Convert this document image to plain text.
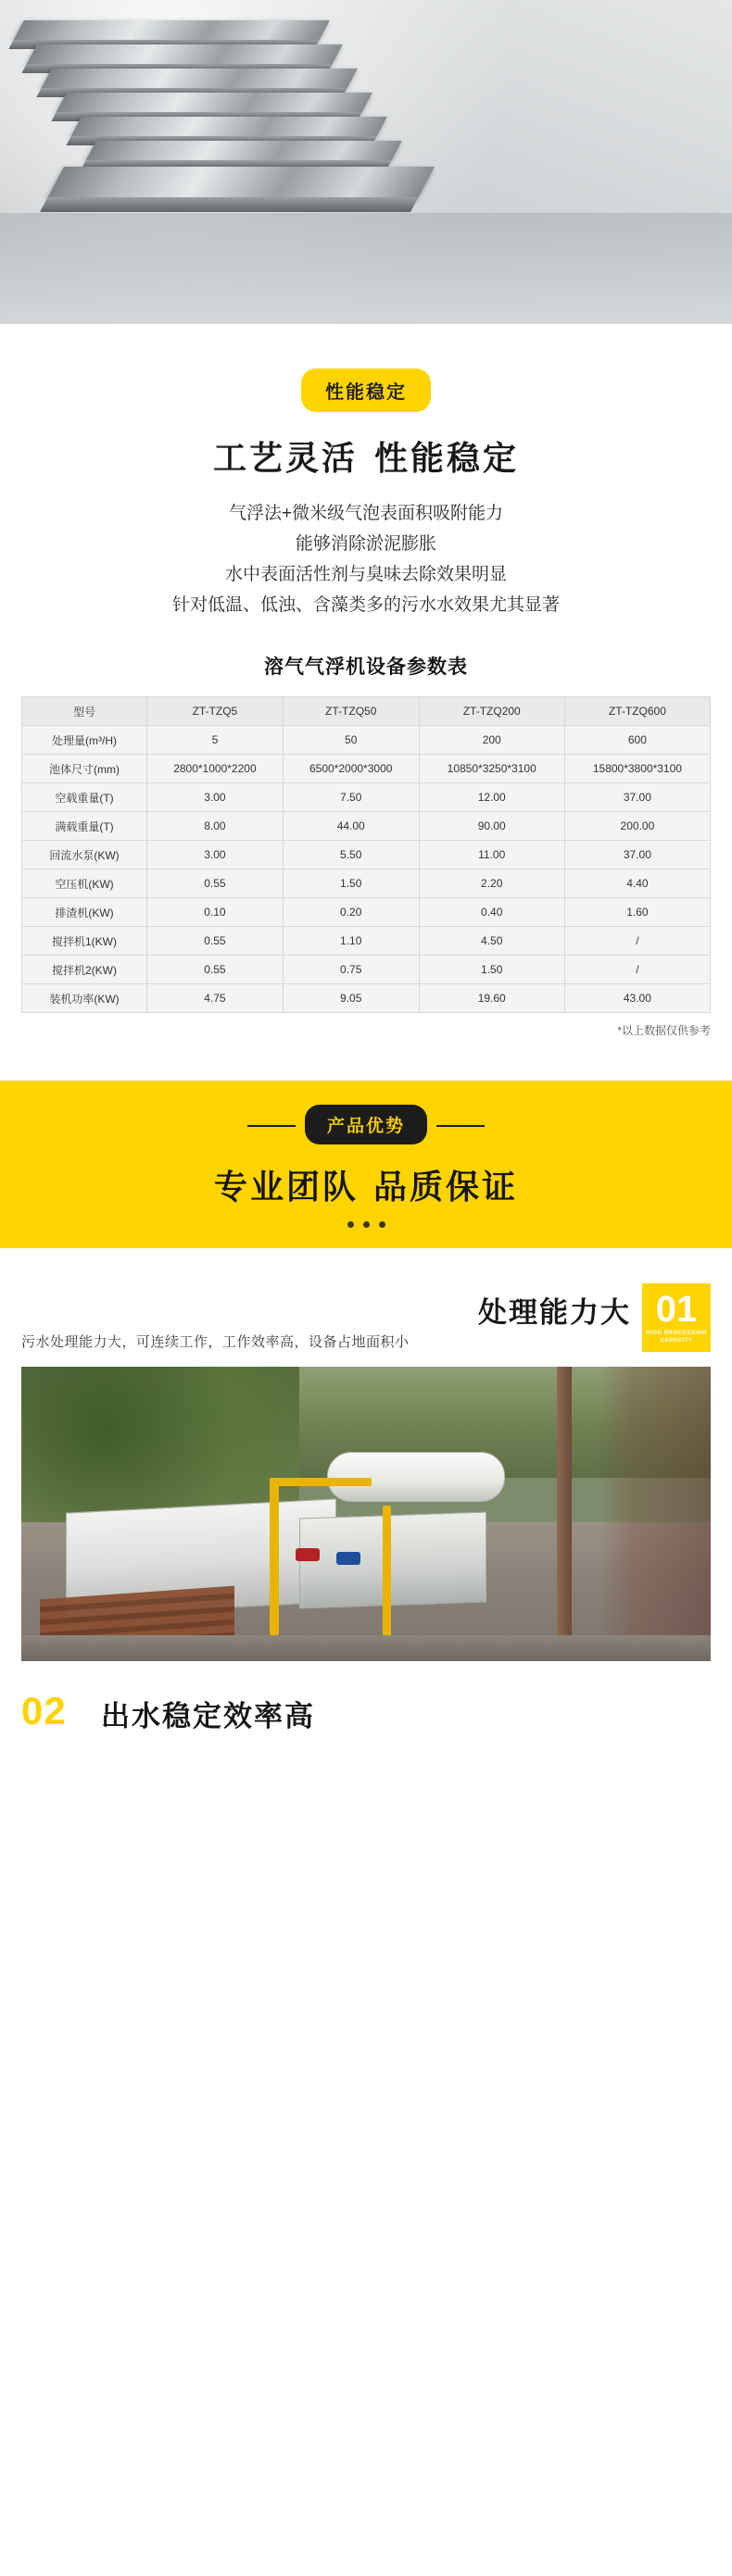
性能稳定
工艺灵活 性能稳定
气浮法+微米级气泡表面积吸附能力
能够消除淤泥膨胀
水中表面活性剂与臭味去除效果明显
针对低温、低浊、含藻类多的污水水效果尤其显著
溶气气浮机设备参数表
型号	ZT-TZQ5	ZT-TZQ50	ZT-TZQ200	ZT-TZQ600
处理量(m³/H)	5	50	200	600
池体尺寸(mm)	2800*1000*2200	6500*2000*3000	10850*3250*3100	15800*3800*3100
空载重量(T)	3.00	7.50	12.00	37.00
满载重量(T)	8.00	44.00	90.00	200.00
回流水泵(KW)	3.00	5.50	11.00	37.00
空压机(KW)	0.55	1.50	2.20	4.40
排渣机(KW)	0.10	0.20	0.40	1.60
搅拌机1(KW)	0.55	1.10	4.50	/
搅拌机2(KW)	0.55	0.75	1.50	/
装机功率(KW)	4.75	9.05	19.60	43.00
*以上数据仅供参考
产品优势
专业团队 品质保证
01
HIGH PROCESSING CAPACITY
处理能力大
污水处理能力大，可连续工作，工作效率高，设备占地面积小
02 出水稳定效率高
